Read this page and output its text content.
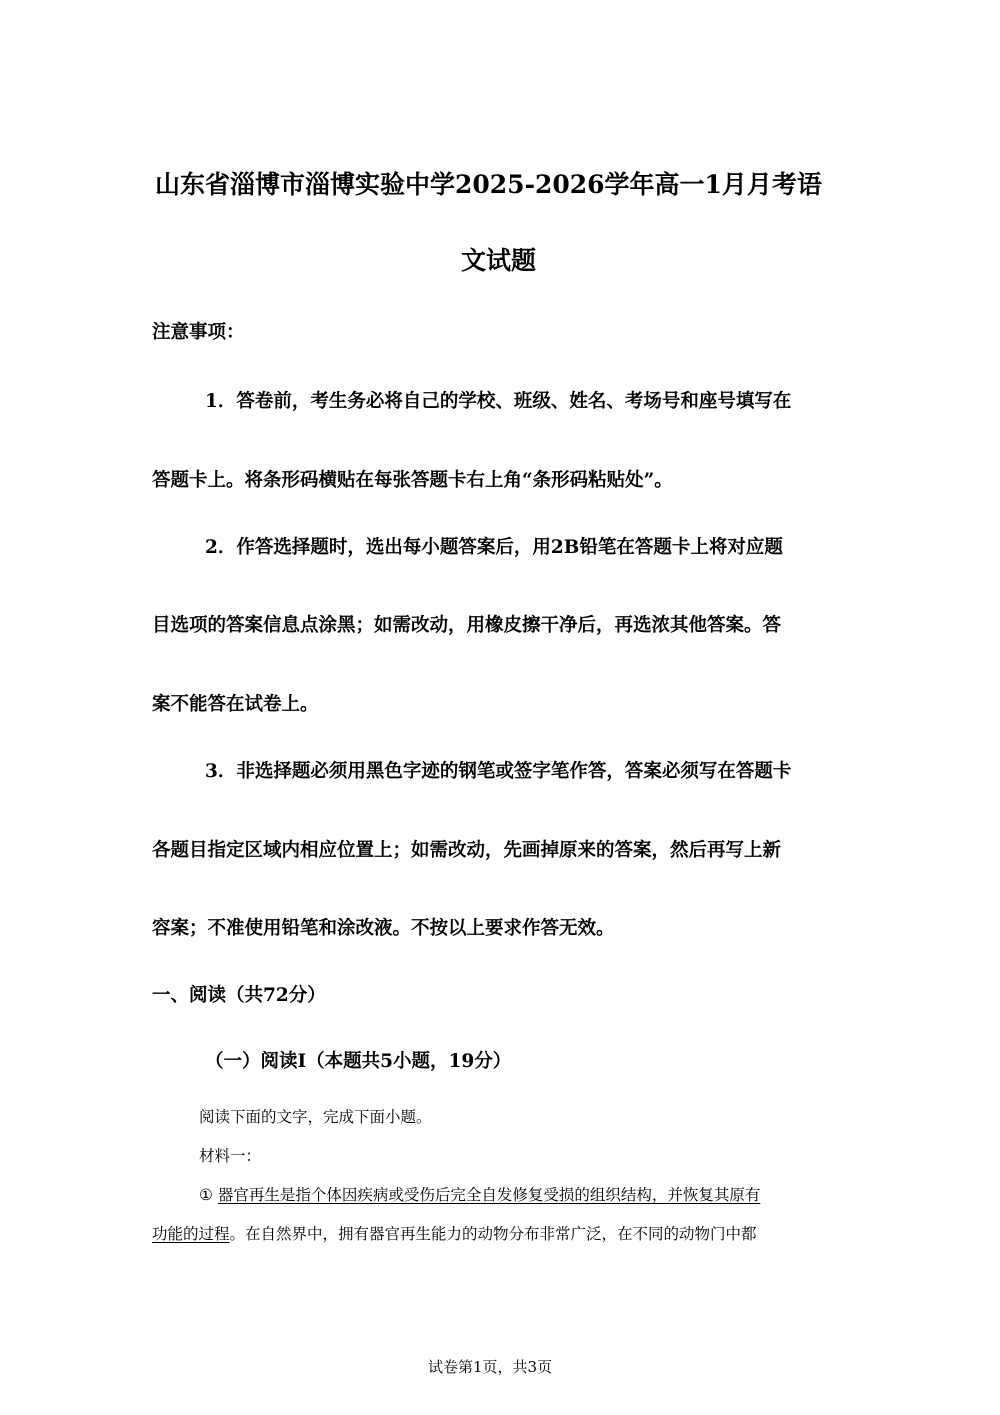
山东省淄博市淄博实验中学2025-2026学年高一1月月考语
文试题
注意事项：
1．答卷前，考生务必将自己的学校、班级、姓名、考场号和座号填写在
答题卡上。将条形码横贴在每张答题卡右上角“条形码粘贴处”。
2．作答选择题时，选出每小题答案后，用2B铅笔在答题卡上将对应题
目选项的答案信息点涂黑；如需改动，用橡皮擦干净后，再选浓其他答案。答
案不能答在试卷上。
3．非选择题必须用黑色字迹的钢笔或签字笔作答，答案必须写在答题卡
各题目指定区域内相应位置上；如需改动，先画掉原来的答案，然后再写上新
容案；不准使用铅笔和涂改液。不按以上要求作答无效。
一、阅读（共72分）
（一）阅读I（本题共5小题，19分）
阅读下面的文字，完成下面小题。
材料一：
① 器官再生是指个体因疾病或受伤后完全自发修复受损的组织结构，并恢复其原有
功能的过程。在自然界中，拥有器官再生能力的动物分布非常广泛，在不同的动物门中都
试卷第1页，共3页
